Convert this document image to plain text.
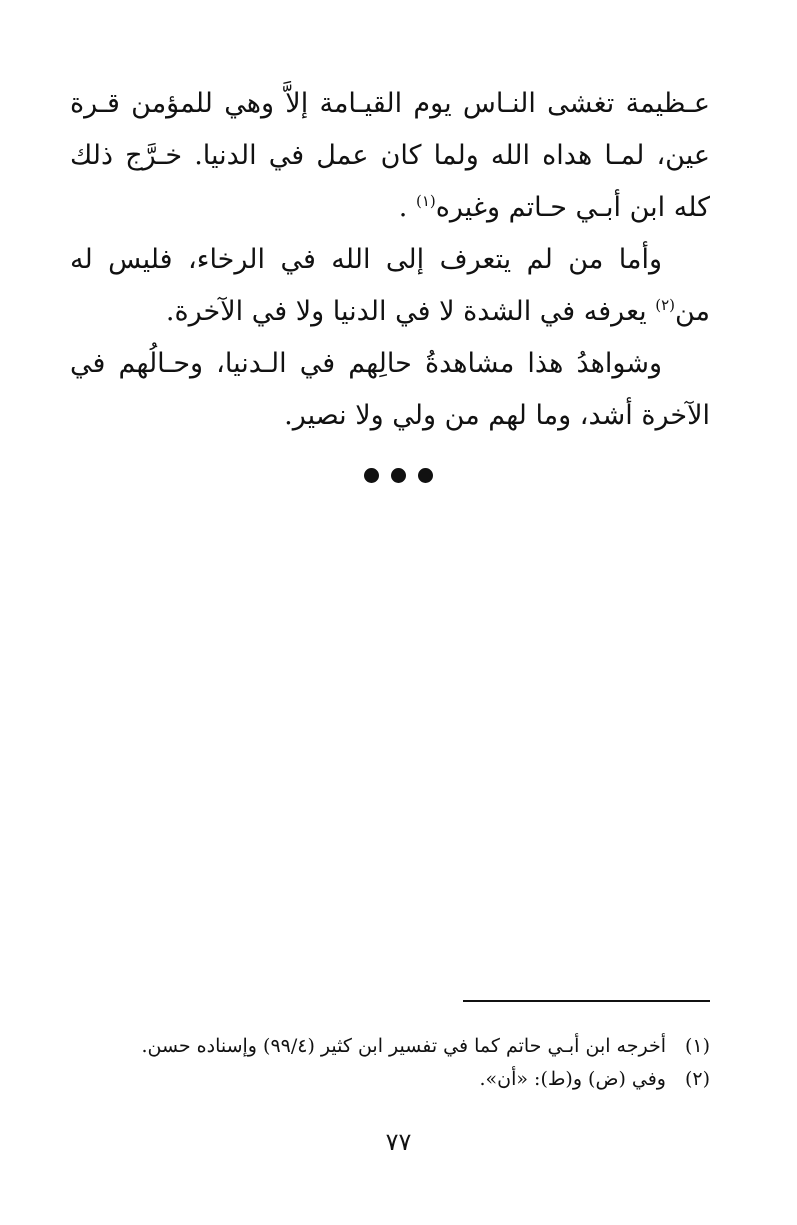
عـظيمة تغشى النـاس يوم القيـامة إلاَّ وهي للمؤمن قـرة عين، لمـا هداه الله ولما كان عمل في الدنيا. خـرَّج ذلك كله ابن أبـي حـاتم وغيره$^{(١)}$ .

وأما من لم يتعرف إلى الله في الرخاء، فليس له من$^{(٢)}$ يعرفه في الشدة لا في الدنيا ولا في الآخرة.

وشواهدُ هذا مشاهدةُ حالِهم في الـدنيا، وحـالُهم في الآخرة أشد، وما لهم من ولي ولا نصير.

(١)أخرجه ابن أبـي حاتم كما في تفسير ابن كثير (٩٩/٤) وإسناده حسن.

(٢)وفي (ض) و(ط): «أن».

٧٧
